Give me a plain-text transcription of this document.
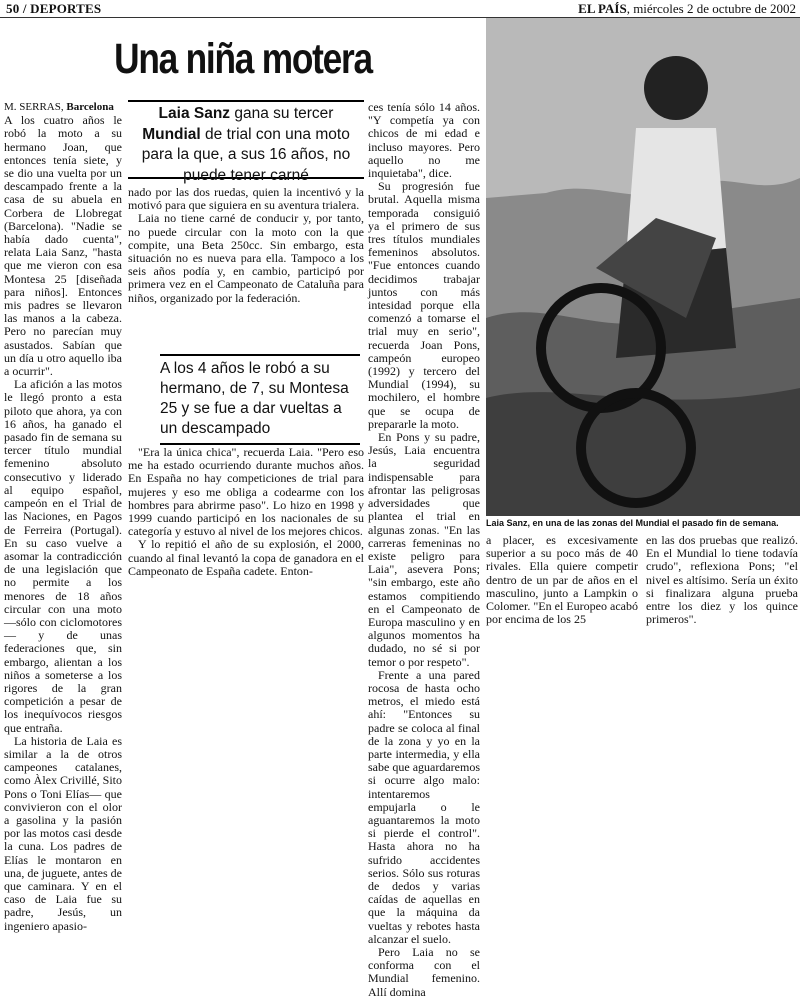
50 / DEPORTES	EL PAÍS, miércoles 2 de octubre de 2002
Una niña motera
Laia Sanz gana su tercer Mundial de trial con una moto para la que, a sus 16 años, no puede tener carné
M. SERRAS, Barcelona

A los cuatro años le robó la moto a su hermano Joan, que entonces tenía siete, y se dio una vuelta por un descampado frente a la casa de su abuela en Corbera de Llobregat (Barcelona). "Nadie se había dado cuenta", relata Laia Sanz, "hasta que me vieron con esa Montesa 25 [diseñada para niños]. Entonces mis padres se llevaron las manos a la cabeza. Pero no parecían muy asustados. Sabían que un día u otro aquello iba a ocurrir".

La afición a las motos le llegó pronto a esta piloto que ahora, ya con 16 años, ha ganado el pasado fin de semana su tercer título mundial femenino absoluto consecutivo y liderado al equipo español, campeón en el Trial de las Naciones, en Pagos de Ferreira (Portugal). En su caso vuelve a asomar la contradicción de una legislación que no permite a los menores de 18 años circular con una moto —sólo con ciclomotores— y de unas federaciones que, sin embargo, alientan a los niños a someterse a los rigores de la gran competición a pesar de los inequívocos riesgos que entraña.

La historia de Laia es similar a la de otros campeones catalanes, como Àlex Crivillé, Sito Pons o Toni Elías— que convivieron con el olor a gasolina y la pasión por las motos casi desde la cuna. Los padres de Elías le montaron en una, de juguete, antes de que caminara. Y en el caso de Laia fue su padre, Jesús, un ingeniero apasio-

nado por las dos ruedas, quien la incentivó y la motivó para que siguiera en su aventura trialera.

Laia no tiene carné de conducir y, por tanto, no puede circular con la moto con la que compite, una Beta 250cc. Sin embargo, esta situación no es nueva para ella. Tampoco a los seis años podía y, en cambio, participó por primera vez en el Campeonato de Cataluña para niños, organizado por la federación.

A los 4 años le robó a su hermano, de 7, su Montesa 25 y se fue a dar vueltas a un descampado

"Era la única chica", recuerda Laia. "Pero eso me ha estado ocurriendo durante muchos años. En España no hay competiciones de trial para mujeres y eso me obliga a codearme con los hombres para abrirme paso". Lo hizo en 1998 y 1999 cuando participó en los nacionales de su categoría y estuvo al nivel de los mejores chicos.

Y lo repitió el año de su explosión, el 2000, cuando al final levantó la copa de ganadora en el Campeonato de España cadete. Enton-

ces tenía sólo 14 años. "Y competía ya con chicos de mi edad e incluso mayores. Pero aquello no me inquietaba", dice.

Su progresión fue brutal. Aquella misma temporada consiguió ya el primero de sus tres títulos mundiales femeninos absolutos. "Fue entonces cuando decidimos trabajar juntos con más intesidad porque ella comenzó a tomarse el trial muy en serio", recuerda Joan Pons, campeón europeo (1992) y tercero del Mundial (1994), su mochilero, el hombre que se ocupa de prepararle la moto.

En Pons y su padre, Jesús, Laia encuentra la seguridad indispensable para afrontar las peligrosas adversidades que plantea el trial en algunas zonas. "En las carreras femeninas no existe peligro para Laia", asevera Pons; "sin embargo, este año estamos compitiendo en el Campeonato de Europa masculino y en algunos momentos ha dudado, no sé si por temor o por respeto".

Frente a una pared rocosa de hasta ocho metros, el miedo está ahí: "Entonces su padre se coloca al final de la zona y yo en la parte intermedia, y ella sabe que aguardaremos si ocurre algo malo: intentaremos empujarla o le aguantaremos la moto si pierde el control". Hasta ahora no ha sufrido accidentes serios. Sólo sus roturas de dedos y varias caídas de aquellas en que la máquina da vueltas y rebotes hasta alcanzar el suelo.

Pero Laia no se conforma con el Mundial femenino. Allí domina

Laia Sanz, en una de las zonas del Mundial el pasado fin de semana.

a placer, es excesivamente superior a su poco más de 40 rivales. Ella quiere competir dentro de un par de años en el masculino, junto a Lampkin o Colomer. "En el Europeo acabó por encima de los 25

en las dos pruebas que realizó. En el Mundial lo tiene todavía crudo", reflexiona Pons; "el nivel es altísimo. Sería un éxito si finalizara alguna prueba entre los diez y los quince primeros".
